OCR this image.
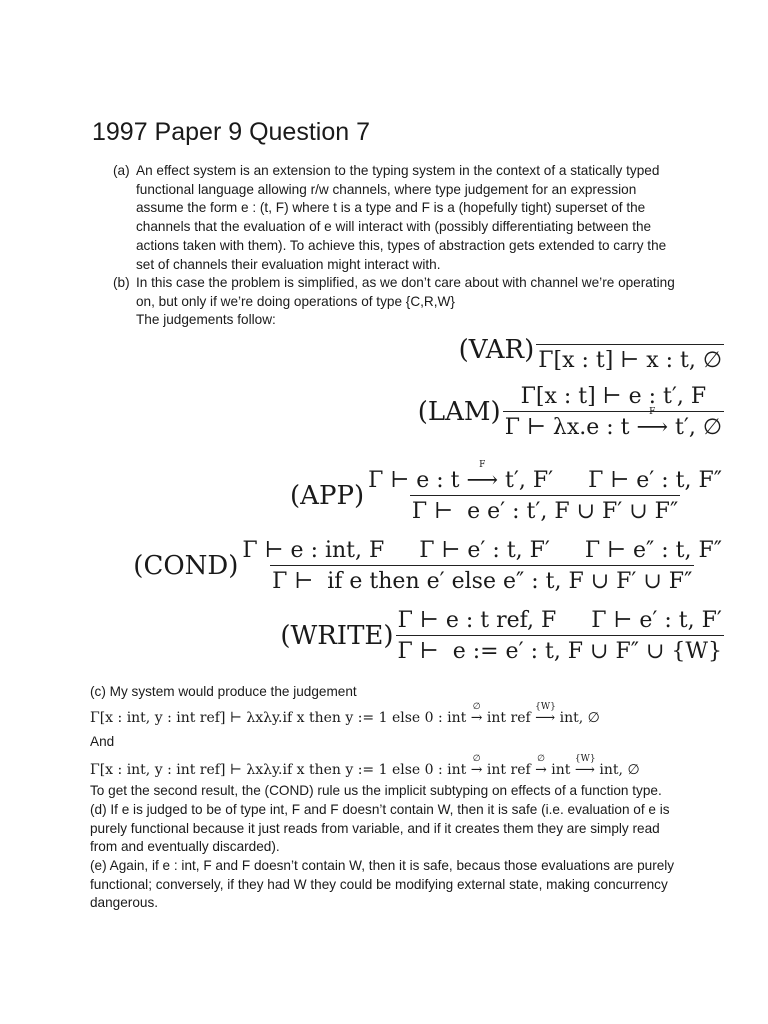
1997 Paper 9 Question 7
(a) An effect system is an extension to the typing system in the context of a statically typed functional language allowing r/w channels, where type judgement for an expression assume the form e : (t, F) where t is a type and F is a (hopefully tight) superset of the channels that the evaluation of e will interact with (possibly differentiating between the actions taken with them). To achieve this, types of abstraction gets extended to carry the set of channels their evaluation might interact with.
(b) In this case the problem is simplified, as we don’t care about with channel we’re operating on, but only if we’re doing operations of type {C,R,W}
The judgements follow:
(VAR) Γ[x : t] ⊢ x : t, ∅
(LAM) Γ[x : t] ⊢ e : t′, F
Γ ⊢ λx.e : t
F
⟶ t′, ∅
(APP) Γ ⊢ e : t
F
⟶ t′, F′     Γ ⊢ e′ : t, F″
Γ ⊢  e e′ : t′, F ∪ F′ ∪ F″
(COND) $\frac{\text{Γ ⊢ e : int, F     Γ ⊢ e′ : t, F′     Γ ⊢ e″ : t, F″}}{\text{Γ ⊢  if e then e′ else e″ : t, F ∪ F′ ∪ F″}}$
(WRITE) $\frac{\text{Γ ⊢ e : t ref, F     Γ ⊢ e′ : t, F′}}{\Gamma ⊢ e := e' : t, F \cup F'' \cup \{W\}}$
(c) My system would produce the judgement
Γ[x : int, y : int ref] ⊢ λxλy.if x then y := 1 else 0 : int
∅
→ int ref
{W}
⟶ int, ∅
And
Γ[x : int, y : int ref] ⊢ λxλy.if x then y := 1 else 0 : int
∅
→ int ref
∅
→ int
{W}
⟶ int, ∅
To get the second result, the (COND) rule us the implicit subtyping on effects of a function type.
(d) If e is judged to be of type int, F and F doesn’t contain W, then it is safe (i.e. evaluation of e is purely functional because it just reads from variable, and if it creates them they are simply read from and eventually discarded).
(e) Again, if e : int, F and F doesn’t contain W, then it is safe, becaus those evaluations are purely functional; conversely, if they had W they could be modifying external state, making concurrency dangerous.
